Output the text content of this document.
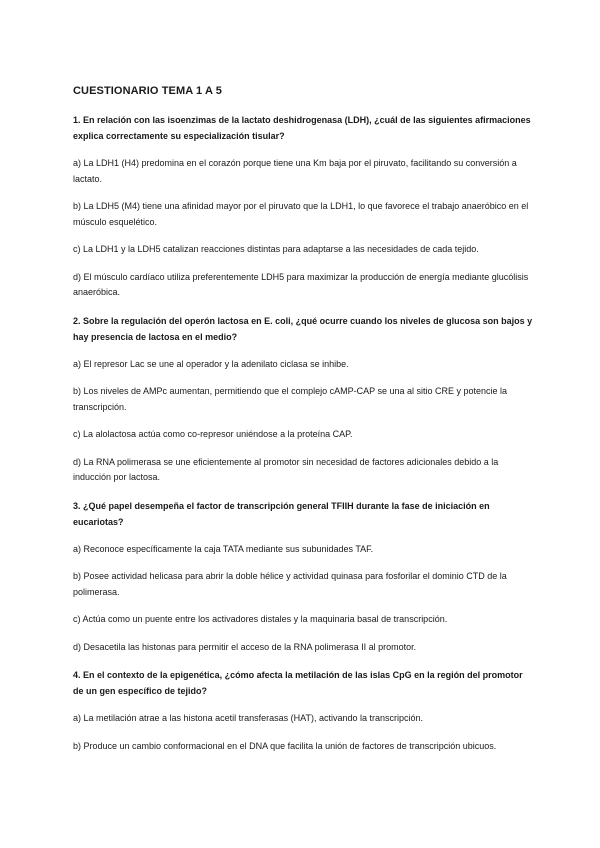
CUESTIONARIO TEMA 1 A 5
1. En relación con las isoenzimas de la lactato deshidrogenasa (LDH), ¿cuál de las siguientes afirmaciones explica correctamente su especialización tisular?
a) La LDH1 (H4) predomina en el corazón porque tiene una Km baja por el piruvato, facilitando su conversión a lactato.
b) La LDH5 (M4) tiene una afinidad mayor por el piruvato que la LDH1, lo que favorece el trabajo anaeróbico en el músculo esquelético.
c) La LDH1 y la LDH5 catalizan reacciones distintas para adaptarse a las necesidades de cada tejido.
d) El músculo cardíaco utiliza preferentemente LDH5 para maximizar la producción de energía mediante glucólisis anaeróbica.
2. Sobre la regulación del operón lactosa en E. coli, ¿qué ocurre cuando los niveles de glucosa son bajos y hay presencia de lactosa en el medio?
a) El represor Lac se une al operador y la adenilato ciclasa se inhibe.
b) Los niveles de AMPc aumentan, permitiendo que el complejo cAMP-CAP se una al sitio CRE y potencie la transcripción.
c) La alolactosa actúa como co-represor uniéndose a la proteína CAP.
d) La RNA polimerasa se une eficientemente al promotor sin necesidad de factores adicionales debido a la inducción por lactosa.
3. ¿Qué papel desempeña el factor de transcripción general TFIIH durante la fase de iniciación en eucariotas?
a) Reconoce específicamente la caja TATA mediante sus subunidades TAF.
b) Posee actividad helicasa para abrir la doble hélice y actividad quinasa para fosforilar el dominio CTD de la polimerasa.
c) Actúa como un puente entre los activadores distales y la maquinaria basal de transcripción.
d) Desacetila las histonas para permitir el acceso de la RNA polimerasa II al promotor.
4. En el contexto de la epigenética, ¿cómo afecta la metilación de las islas CpG en la región del promotor de un gen específico de tejido?
a) La metilación atrae a las histona acetil transferasas (HAT), activando la transcripción.
b) Produce un cambio conformacional en el DNA que facilita la unión de factores de transcripción ubicuos.
